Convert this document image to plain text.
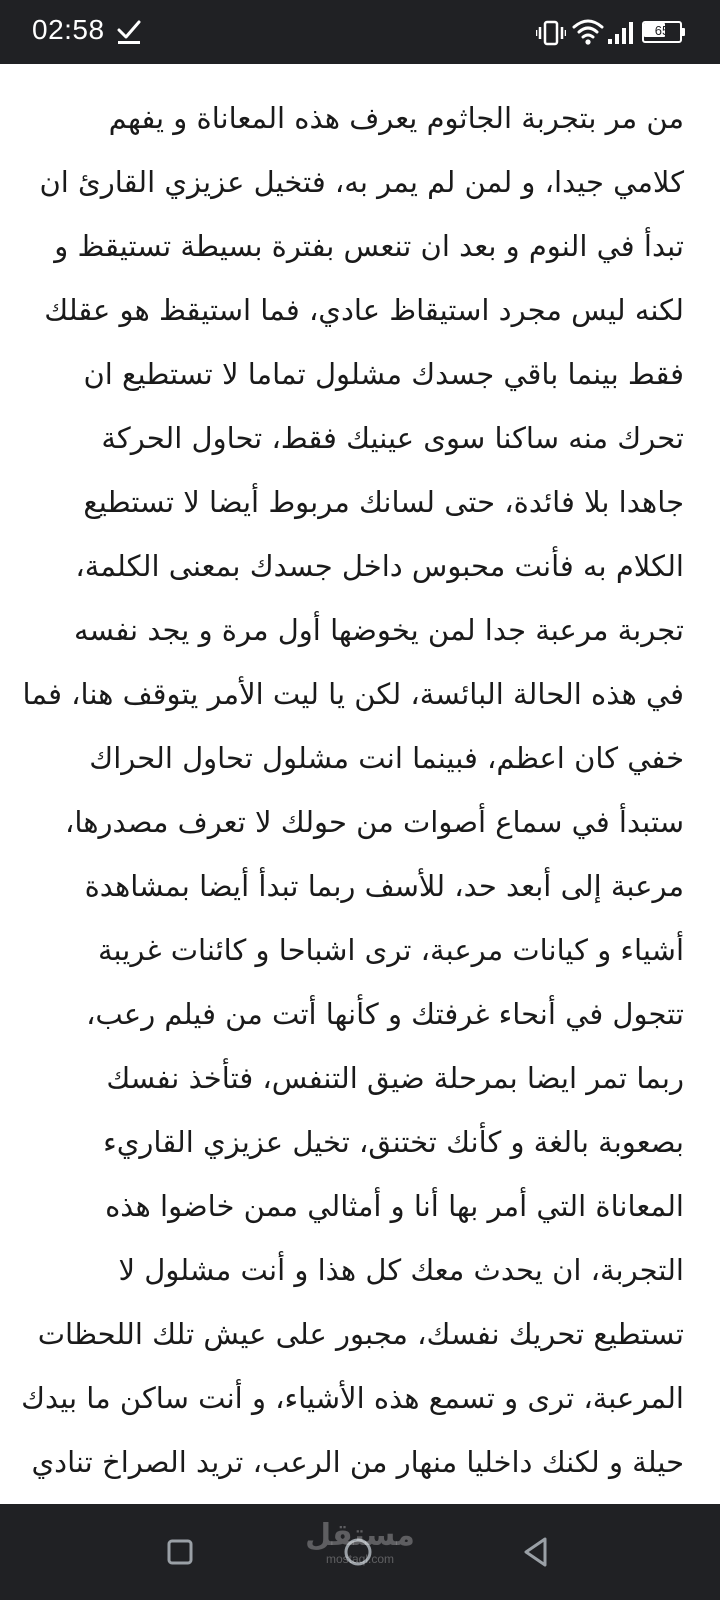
02:58	65
من مر بتجربة الجاثوم يعرف هذه المعاناة و يفهم
كلامي جيدا، و لمن لم يمر به، فتخيل عزيزي القارئ ان
تبدأ في النوم و بعد ان تنعس بفترة بسيطة تستيقظ و
لكنه ليس مجرد استيقاظ عادي، فما استيقظ هو عقلك
فقط بينما باقي جسدك مشلول تماما لا تستطيع ان
تحرك منه ساكنا سوى عينيك فقط، تحاول الحركة
جاهدا بلا فائدة، حتى لسانك مربوط أيضا لا تستطيع
الكلام به فأنت محبوس داخل جسدك بمعنى الكلمة،
تجربة مرعبة جدا لمن يخوضها أول مرة و يجد نفسه
في هذه الحالة البائسة، لكن يا ليت الأمر يتوقف هنا، فما
خفي كان اعظم، فبينما انت مشلول تحاول الحراك
ستبدأ في سماع أصوات من حولك لا تعرف مصدرها،
مرعبة إلى أبعد حد، للأسف ربما تبدأ أيضا بمشاهدة
أشياء و كيانات مرعبة، ترى اشباحا و كائنات غريبة
تتجول في أنحاء غرفتك و كأنها أتت من فيلم رعب،
ربما تمر ايضا بمرحلة ضيق التنفس، فتأخذ نفسك
بصعوبة بالغة و كأنك تختنق، تخيل عزيزي القاريء
المعاناة التي أمر بها أنا و أمثالي ممن خاضوا هذه
التجربة، ان يحدث معك كل هذا و أنت مشلول لا
تستطيع تحريك نفسك، مجبور على عيش تلك اللحظات
المرعبة، ترى و تسمع هذه الأشياء، و أنت ساكن ما بيدك
حيلة و لكنك داخليا منهار من الرعب، تريد الصراخ تنادي
مستقل
mostaql.com
